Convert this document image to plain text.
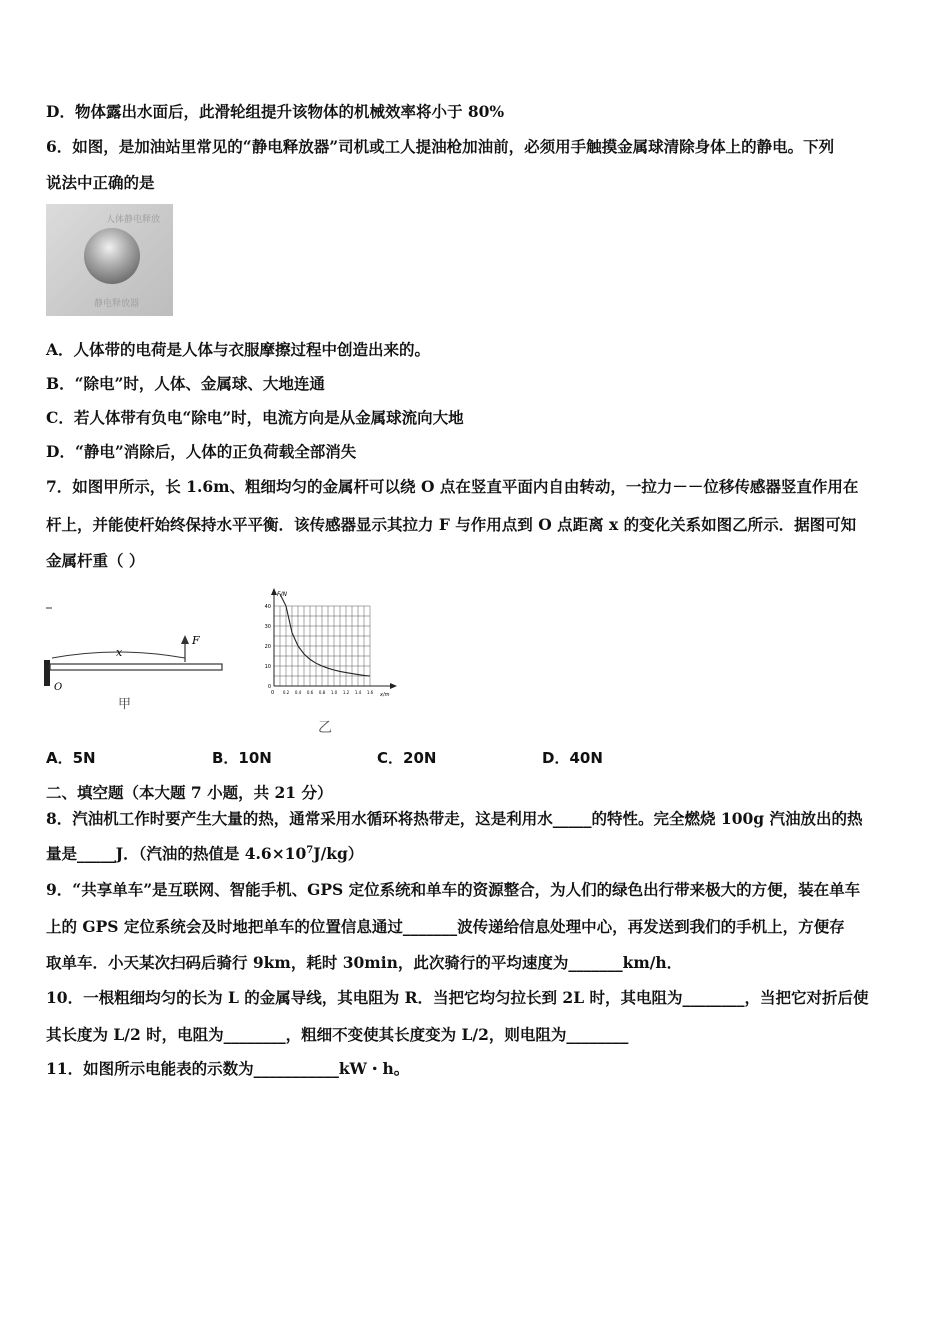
D．物体露出水面后，此滑轮组提升该物体的机械效率将小于 80%
6．如图，是加油站里常见的“静电释放器”司机或工人提油枪加油前，必须用手触摸金属球清除身体上的静电。下列
说法中正确的是
人体静电释放
静电释放器
A．人体带的电荷是人体与衣服摩擦过程中创造出来的。
B．“除电”时，人体、金属球、大地连通
C．若人体带有负电“除电”时，电流方向是从金属球流向大地
D．“静电”消除后，人体的正负荷载全部消失
7．如图甲所示，长 1.6m、粗细均匀的金属杆可以绕 O 点在竖直平面内自由转动，一拉力－－位移传感器竖直作用在
杆上，并能使杆始终保持水平平衡．该传感器显示其拉力 F 与作用点到 O 点距离 x 的变化关系如图乙所示．据图可知
金属杆重（ ）
x
F
O
甲
F/N
x/m
0
10
20
30
40
0 0.2 0.4 0.6 0.8 1.0 1.2 1.4 1.6
乙
A．5N	B．10N	C．20N	D．40N
二、填空题（本大题 7 小题，共 21 分）
8．汽油机工作时要产生大量的热，通常采用水循环将热带走，这是利用水_____的特性。完全燃烧 100g 汽油放出的热
量是_____J．（汽油的热值是 $4.6\times 10^7J/kg$）
9．“共享单车”是互联网、智能手机、GPS 定位系统和单车的资源整合，为人们的绿色出行带来极大的方便，装在单车
上的 GPS 定位系统会及时地把单车的位置信息通过_______波传递给信息处理中心，再发送到我们的手机上，方便存
取单车．小天某次扫码后骑行 9km，耗时 30min，此次骑行的平均速度为_______km/h．
10．一根粗细均匀的长为 L 的金属导线，其电阻为 R．当把它均匀拉长到 2L 时，其电阻为________，当把它对折后使
其长度为 L/2 时，电阻为________，粗细不变使其长度变为 L/2，则电阻为________
11．如图所示电能表的示数为___________kW・h。
